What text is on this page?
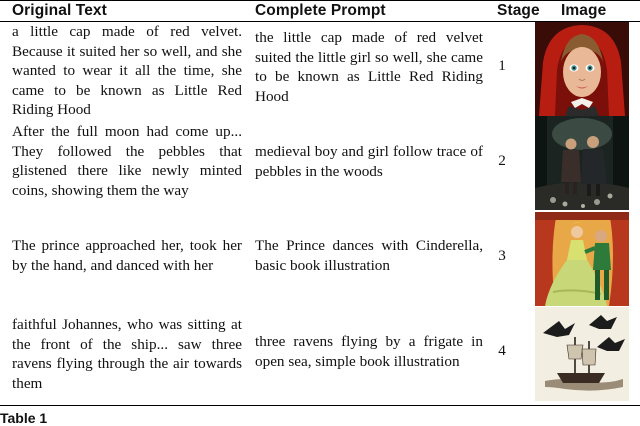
Original Text	Complete Prompt	Stage Image
a little cap made of red velvet. Because it suited her so well, and she wanted to wear it all the time, she came to be known as Little Red Riding Hood
the little cap made of red velvet suited the little girl so well, she came to be known as Little Red Riding Hood
1
After the full moon had come up... They followed the pebbles that glistened there like newly minted coins, showing them the way
medieval boy and girl follow trace of pebbles in the woods
2
The prince approached her, took her by the hand, and danced with her
The Prince dances with Cinderella, basic book illustration
3
faithful Johannes, who was sitting at the front of the ship... saw three ravens flying through the air towards them
three ravens flying by a frigate in open sea, simple book illustration
4
Table 1
